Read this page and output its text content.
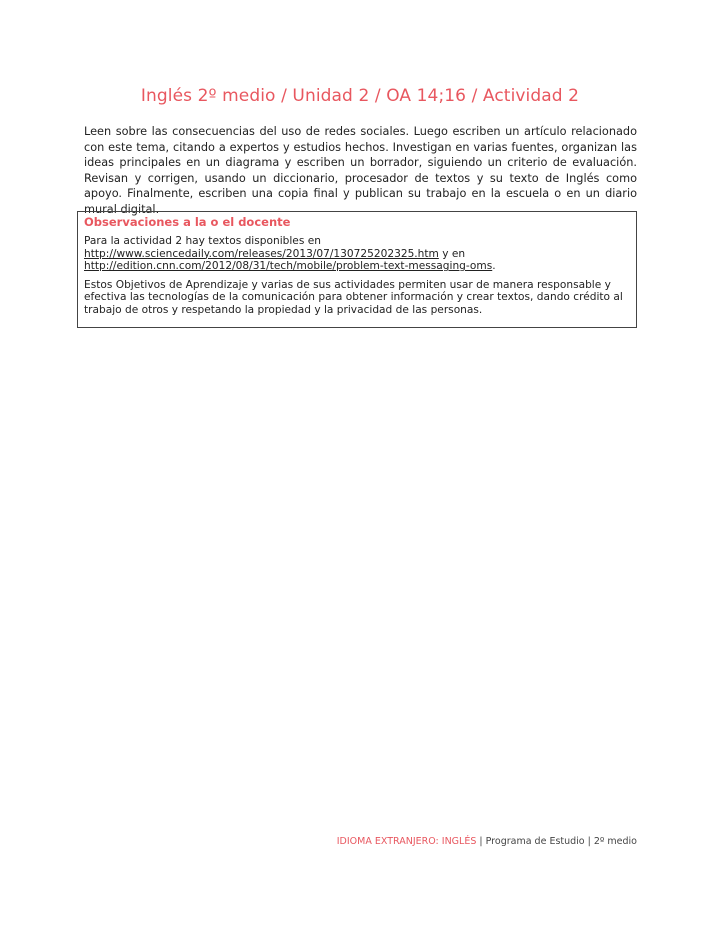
Inglés 2º medio / Unidad 2 / OA 14;16 / Actividad 2
Leen sobre las consecuencias del uso de redes sociales. Luego escriben un artículo relacionado con este tema, citando a expertos y estudios hechos. Investigan en varias fuentes, organizan las ideas principales en un diagrama y escriben un borrador, siguiendo un criterio de evaluación. Revisan y corrigen, usando un diccionario, procesador de textos y su texto de Inglés como apoyo. Finalmente, escriben una copia final y publican su trabajo en la escuela o en un diario mural digital.
Observaciones a la o el docente

Para la actividad 2 hay textos disponibles en
http://www.sciencedaily.com/releases/2013/07/130725202325.htm y en
http://edition.cnn.com/2012/08/31/tech/mobile/problem-text-messaging-oms.

Estos Objetivos de Aprendizaje y varias de sus actividades permiten usar de manera responsable y efectiva las tecnologías de la comunicación para obtener información y crear textos, dando crédito al trabajo de otros y respetando la propiedad y la privacidad de las personas.

IDIOMA EXTRANJERO: INGLÉS | Programa de Estudio | 2º medio
